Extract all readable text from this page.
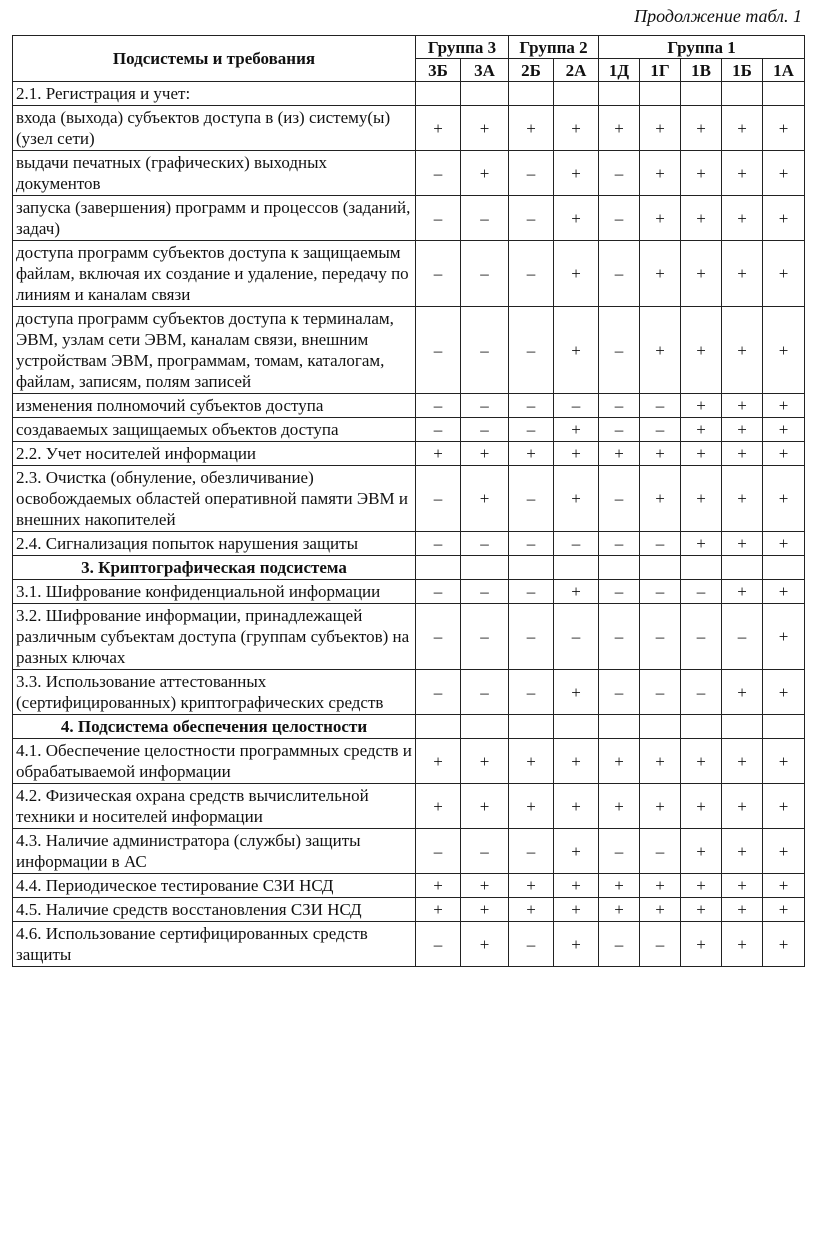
Продолжение табл. 1
Подсистемы и требования	Группа 3		Группа 2		Группа 1				
	3Б	3А	2Б	2А	1Д	1Г	1В	1Б	1А
2.1. Регистрация и учет:									
входа (выхода) субъектов доступа в (из) систему(ы) (узел сети)	+	+	+	+	+	+	+	+	+
выдачи печатных (графических) выходных документов	–	+	–	+	–	+	+	+	+
запуска (завершения) программ и процессов (заданий, задач)	–	–	–	+	–	+	+	+	+
доступа программ субъектов доступа к защищаемым файлам, включая их создание и удаление, передачу по линиям и каналам связи	–	–	–	+	–	+	+	+	+
доступа программ субъектов доступа к терминалам, ЭВМ, узлам сети ЭВМ, каналам связи, внешним устройствам ЭВМ, программам, томам, каталогам, файлам, записям, полям записей	–	–	–	+	–	+	+	+	+
изменения полномочий субъектов доступа	–	–	–	–	–	–	+	+	+
создаваемых защищаемых объектов доступа	–	–	–	+	–	–	+	+	+
2.2. Учет носителей информации	+	+	+	+	+	+	+	+	+
2.3. Очистка (обнуление, обезличивание) освобождаемых областей оперативной памяти ЭВМ и внешних накопителей	–	+	–	+	–	+	+	+	+
2.4. Сигнализация попыток нарушения защиты	–	–	–	–	–	–	+	+	+
3. Криптографическая подсистема									
3.1. Шифрование конфиденциальной информации	–	–	–	+	–	–	–	+	+
3.2. Шифрование информации, принадлежащей различным субъектам доступа (группам субъектов) на разных ключах	–	–	–	–	–	–	–	–	+
3.3. Использование аттестованных (сертифицированных) криптографических средств	–	–	–	+	–	–	–	+	+
4. Подсистема обеспечения целостности									
4.1. Обеспечение целостности программных средств и обрабатываемой информации	+	+	+	+	+	+	+	+	+
4.2. Физическая охрана средств вычислительной техники и носителей информации	+	+	+	+	+	+	+	+	+
4.3. Наличие администратора (службы) защиты информации в АС	–	–	–	+	–	–	+	+	+
4.4. Периодическое тестирование СЗИ НСД	+	+	+	+	+	+	+	+	+
4.5. Наличие средств восстановления СЗИ НСД	+	+	+	+	+	+	+	+	+
4.6. Использование сертифицированных средств защиты	–	+	–	+	–	–	+	+	+
